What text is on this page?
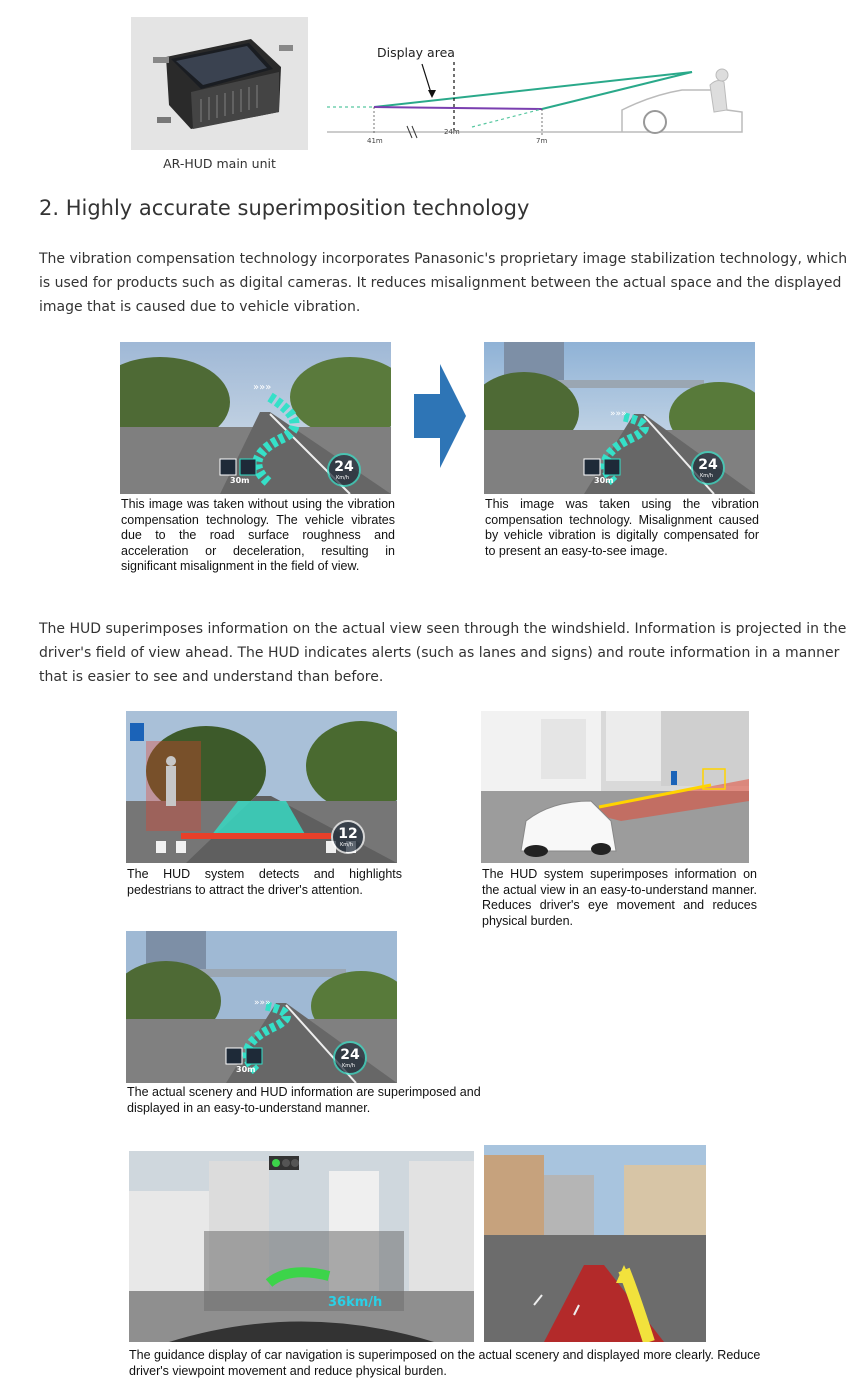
AR-HUD main unit
Display area
41m
24m
7m
2. Highly accurate superimposition technology
The vibration compensation technology incorporates Panasonic's proprietary image stabilization technology, which is used for products such as digital cameras. It reduces misalignment between the actual space and the displayed image that is caused due to vehicle vibration.
»»»
30m
24
Km/h
This image was taken without using the vibration compensation technology. The vehicle vibrates due to the road surface roughness and acceleration or deceleration, resulting in significant misalignment in the field of view.
»»»
30m
24
Km/h
This image was taken using the vibration compensation technology. Misalignment caused by vehicle vibration is digitally compensated for to present an easy-to-see image.
The HUD superimposes information on the actual view seen through the windshield. Information is projected in the driver's field of view ahead. The HUD indicates alerts (such as lanes and signs) and route information in a manner that is easier to see and understand than before.
12
Km/h
The HUD system detects and highlights pedestrians to attract the driver's attention.
The HUD system superimposes information on the actual view in an easy-to-understand manner. Reduces driver's eye movement and reduces physical burden.
»»»
30m
24
Km/h
The actual scenery and HUD information are superimposed and displayed in an easy-to-understand manner.
36km/h
The guidance display of car navigation is superimposed on the actual scenery and displayed more clearly. Reduce driver's viewpoint movement and reduce physical burden.
